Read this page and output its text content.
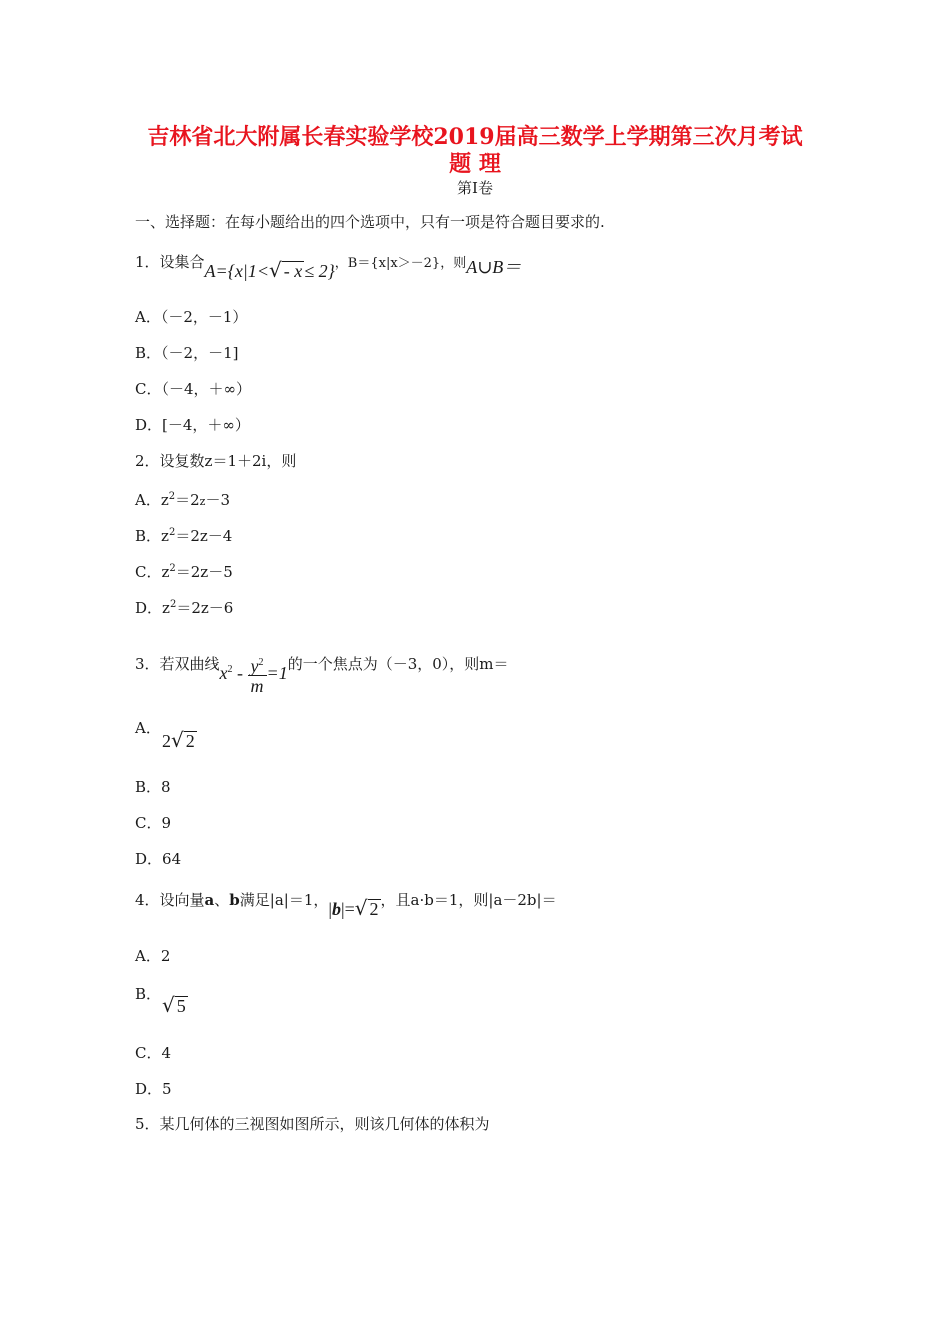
吉林省北大附属长春实验学校2019届高三数学上学期第三次月考试
题 理
第Ⅰ卷
一、选择题：在每小题给出的四个选项中，只有一项是符合题目要求的.
1．设集合A={x|1<√ - x ≤ 2}，B＝{x|x＞－2}，则A∪B＝
A．（－2，－1）
B．（－2，－1]
C．（－4，＋∞）
D．[－4，＋∞）
2．设复数z＝1＋2i，则
A．$z^2=2z-3$
B．$z^2=2z-4$
C．$z^2=2z-5$
D．$z^2=2z-6$
3．若双曲线$x^2 - \frac{y^2}{m} =1$的一个焦点为（－3，0），则m＝
A．
2√ 2
B．8
C．9
D．64
4．设向量a、b满足|a|＝1，|b|=√ 2 ，且a·b＝1，则|a－2b|＝
A．2
B． √ 5
C．4
D．5
5．某几何体的三视图如图所示，则该几何体的体积为
